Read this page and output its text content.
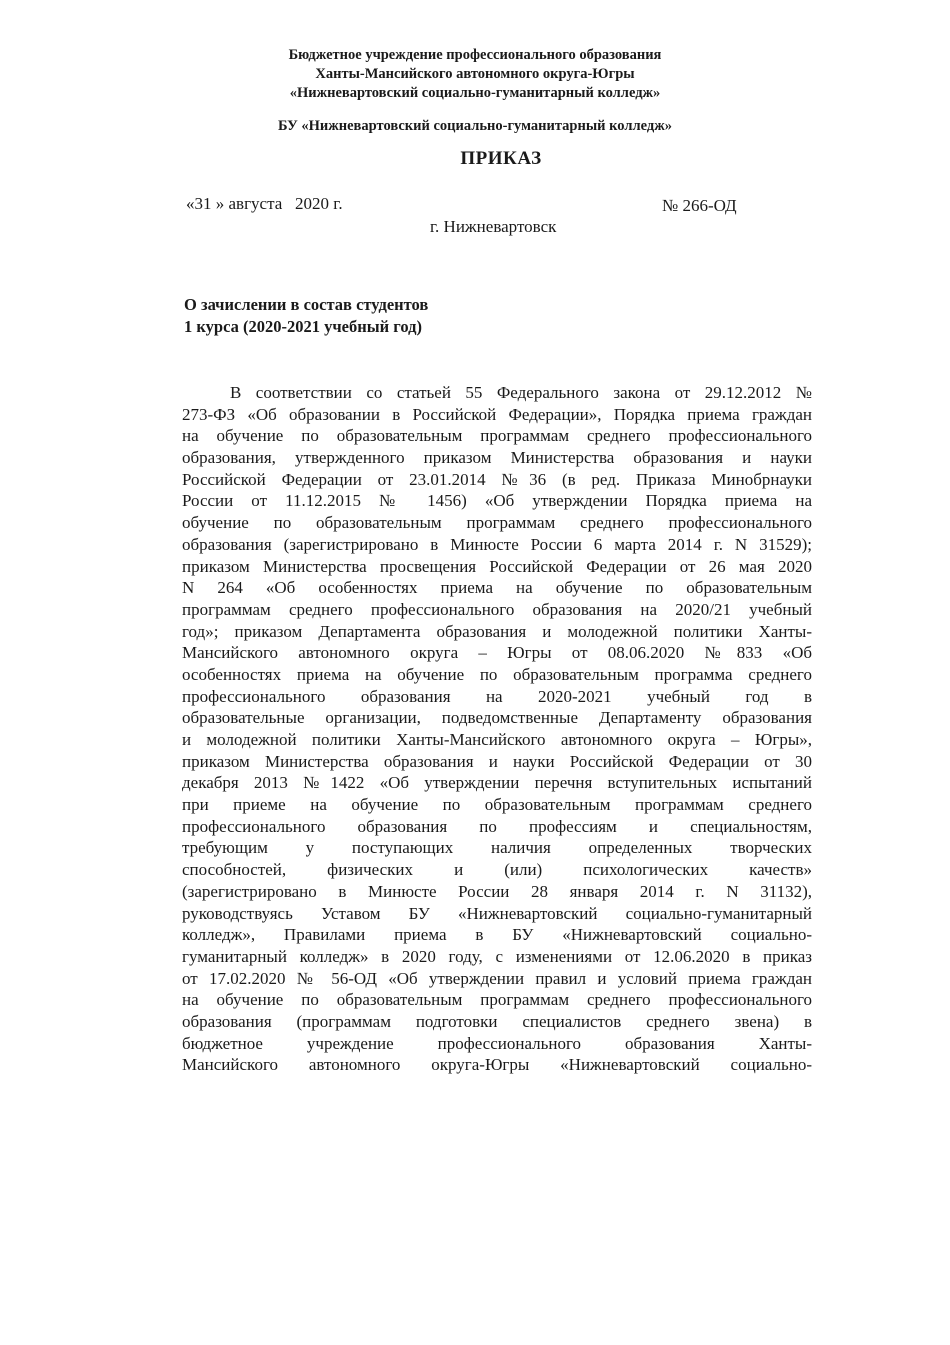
Бюджетное учреждение профессионального образования
Ханты-Мансийского автономного округа-Югры
«Нижневартовский социально-гуманитарный колледж»
БУ «Нижневартовский социально-гуманитарный колледж»
ПРИКАЗ
«31 » августа   2020 г.	№ 266-ОД
г. Нижневартовск
О зачислении в состав студентов
1 курса (2020-2021 учебный год)
В соответствии со статьей 55 Федерального закона от 29.12.2012 №
273-ФЗ «Об образовании в Российской Федерации», Порядка приема граждан
на обучение по образовательным программам среднего профессионального
образования, утвержденного приказом Министерства образования и науки
Российской Федерации от 23.01.2014 №36 (в ред. Приказа Минобрнауки
России от 11.12.2015 № 1456) «Об утверждении Порядка приема на
обучение по образовательным программам среднего профессионального
образования (зарегистрировано в Минюсте России 6 марта 2014 г. N 31529);
приказом Министерства просвещения Российской Федерации от 26 мая 2020
N 264 «Об особенностях приема на обучение по образовательным
программам среднего профессионального образования на 2020/21 учебный
год»; приказом Департамента образования и молодежной политики Ханты-
Мансийского автономного округа – Югры от 08.06.2020 №833 «Об
особенностях приема на обучение по образовательным программа среднего
профессионального образования на 2020-2021 учебный год в
образовательные организации, подведомственные Департаменту образования
и молодежной политики Ханты-Мансийского автономного округа – Югры»,
приказом Министерства образования и науки Российской Федерации от 30
декабря 2013 №1422 «Об утверждении перечня вступительных испытаний
при приеме на обучение по образовательным программам среднего
профессионального образования по профессиям и специальностям,
требующим у поступающих наличия определенных творческих
способностей, физических и (или) психологических качеств»
(зарегистрировано в Минюсте России 28 января 2014 г. N 31132),
руководствуясь Уставом БУ «Нижневартовский социально-гуманитарный
колледж», Правилами приема в БУ «Нижневартовский социально-
гуманитарный колледж» в 2020 году, с изменениями от 12.06.2020 в приказ
от 17.02.2020 № 56-ОД «Об утверждении правил и условий приема граждан
на обучение по образовательным программам среднего профессионального
образования (программам подготовки специалистов среднего звена) в
бюджетное учреждение профессионального образования Ханты-
Мансийского автономного округа-Югры «Нижневартовский социально-
